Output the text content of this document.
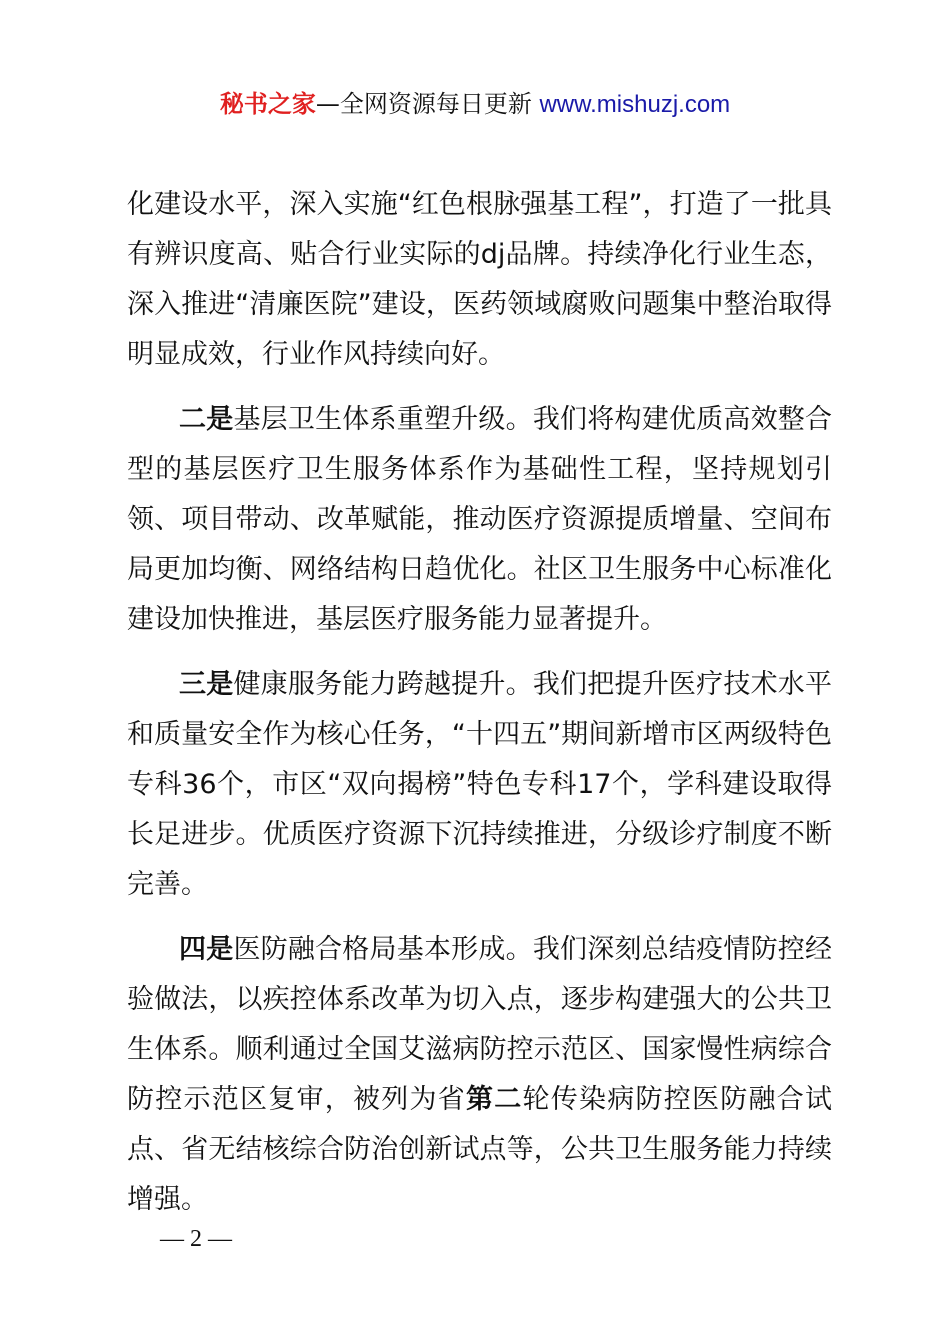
秘书之家—全网资源每日更新 www.mishuzj.com

化建设水平，深入实施“红色根脉强基工程”，打造了一批具有辨识度高、贴合行业实际的dj品牌。持续净化行业生态，深入推进“清廉医院”建设，医药领域腐败问题集中整治取得明显成效，行业作风持续向好。

二是基层卫生体系重塑升级。我们将构建优质高效整合型的基层医疗卫生服务体系作为基础性工程，坚持规划引领、项目带动、改革赋能，推动医疗资源提质增量、空间布局更加均衡、网络结构日趋优化。社区卫生服务中心标准化建设加快推进，基层医疗服务能力显著提升。

三是健康服务能力跨越提升。我们把提升医疗技术水平和质量安全作为核心任务，“十四五”期间新增市区两级特色专科36个，市区“双向揭榜”特色专科17个，学科建设取得长足进步。优质医疗资源下沉持续推进，分级诊疗制度不断完善。

四是医防融合格局基本形成。我们深刻总结疫情防控经验做法，以疾控体系改革为切入点，逐步构建强大的公共卫生体系。顺利通过全国艾滋病防控示范区、国家慢性病综合防控示范区复审，被列为省第二轮传染病防控医防融合试点、省无结核综合防治创新试点等，公共卫生服务能力持续增强。

— 2 —
